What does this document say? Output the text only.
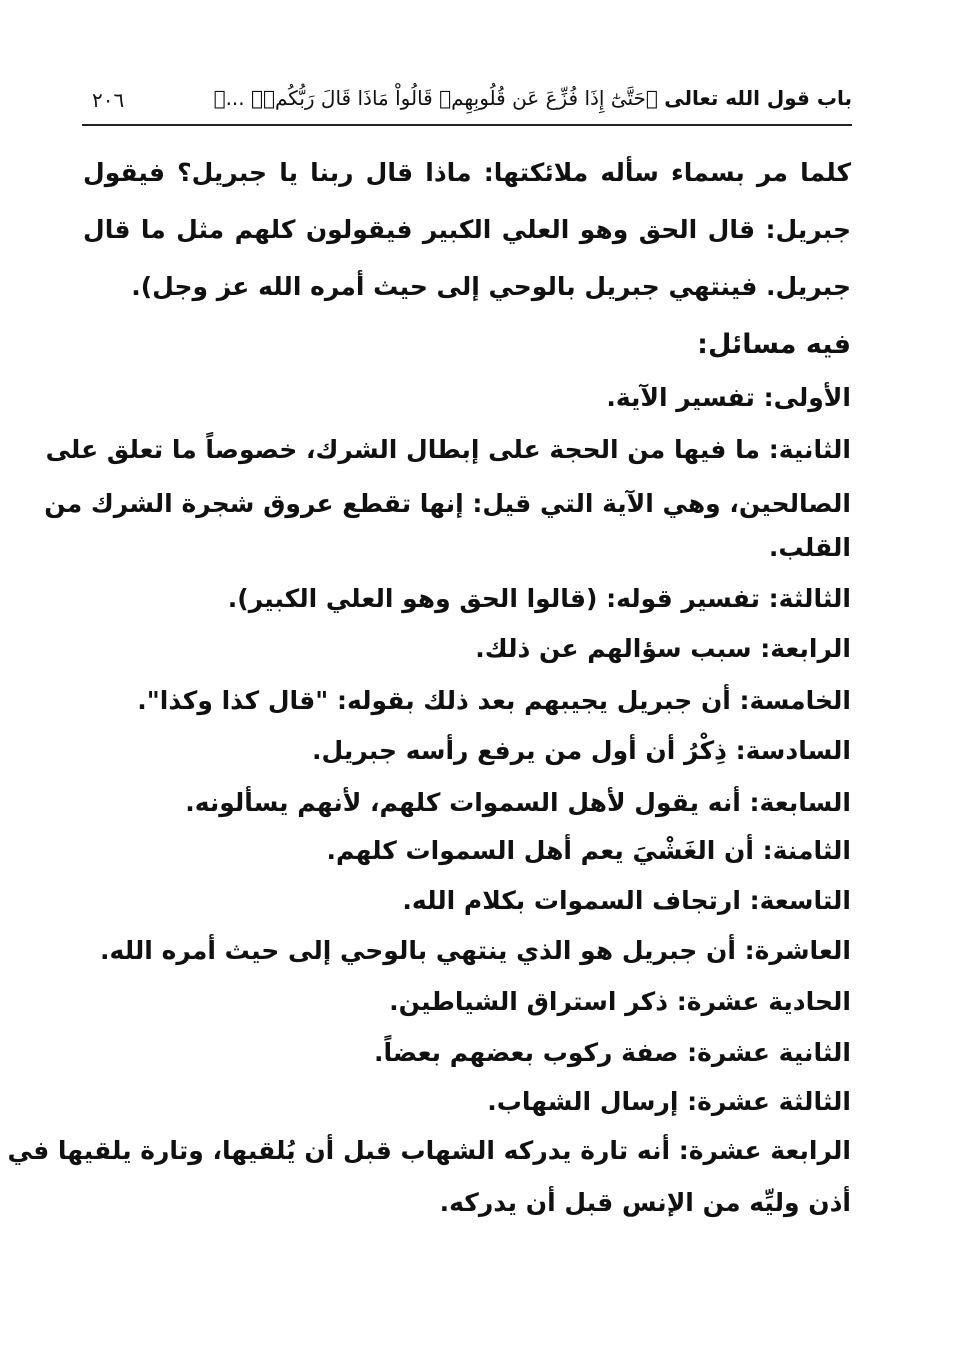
باب قول الله تعالى ﴿حَتَّىٰٓ إِذَا فُزِّعَ عَن قُلُوبِهِمۡ قَالُواْ مَاذَا قَالَ رَبُّكُمۡۖ ...﴾
٢٠٦
كلما مر بسماء سأله ملائكتها: ماذا قال ربنا يا جبريل؟ فيقول
جبريل: قال الحق وهو العلي الكبير فيقولون كلهم مثل ما قال
جبريل. فينتهي جبريل بالوحي إلى حيث أمره الله عز وجل).
فيه مسائل:
الأولى: تفسير الآية.
الثانية: ما فيها من الحجة على إبطال الشرك، خصوصاً ما تعلق على
الصالحين، وهي الآية التي قيل: إنها تقطع عروق شجرة الشرك من
القلب.
الثالثة: تفسير قوله: (قالوا الحق وهو العلي الكبير).
الرابعة: سبب سؤالهم عن ذلك.
الخامسة: أن جبريل يجيبهم بعد ذلك بقوله: "قال كذا وكذا".
السادسة: ذِكْرُ أن أول من يرفع رأسه جبريل.
السابعة: أنه يقول لأهل السموات كلهم، لأنهم يسألونه.
الثامنة: أن الغَشْيَ يعم أهل السموات كلهم.
التاسعة: ارتجاف السموات بكلام الله.
العاشرة: أن جبريل هو الذي ينتهي بالوحي إلى حيث أمره الله.
الحادية عشرة: ذكر استراق الشياطين.
الثانية عشرة: صفة ركوب بعضهم بعضاً.
الثالثة عشرة: إرسال الشهاب.
الرابعة عشرة: أنه تارة يدركه الشهاب قبل أن يُلقيها، وتارة يلقيها في
أذن وليِّه من الإنس قبل أن يدركه.
